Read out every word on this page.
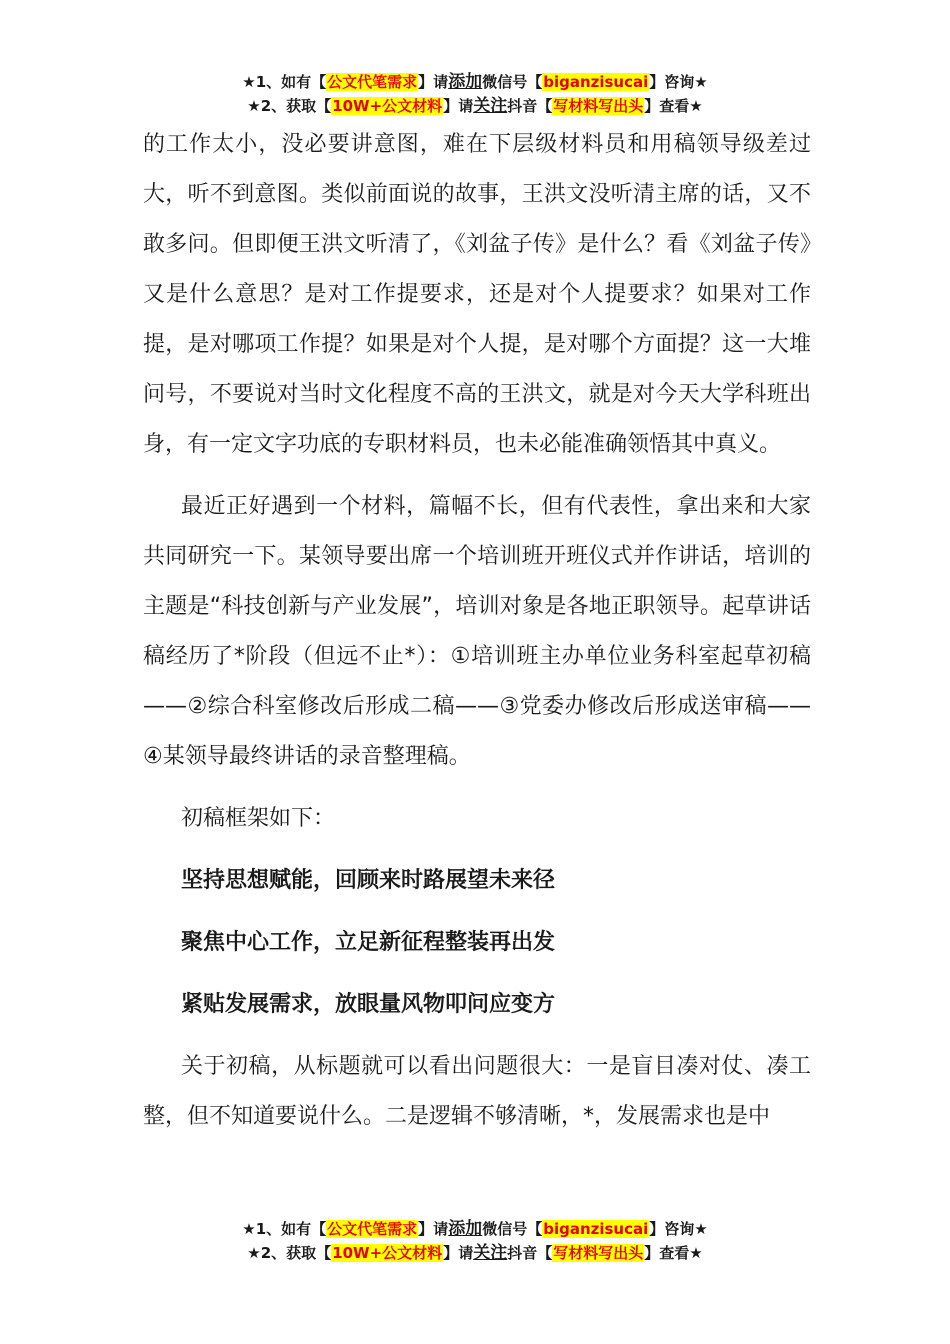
★1、如有【公文代笔需求】请添加微信号【biganzisucai】咨询★
★2、获取【10W+公文材料】请关注抖音【写材料写出头】查看★

的工作太小，没必要讲意图，难在下层级材料员和用稿领导级差过大，听不到意图。类似前面说的故事，王洪文没听清主席的话，又不敢多问。但即便王洪文听清了，《刘盆子传》是什么？看《刘盆子传》又是什么意思？是对工作提要求，还是对个人提要求？如果对工作提，是对哪项工作提？如果是对个人提，是对哪个方面提？这一大堆问号，不要说对当时文化程度不高的王洪文，就是对今天大学科班出身，有一定文字功底的专职材料员，也未必能准确领悟其中真义。

最近正好遇到一个材料，篇幅不长，但有代表性，拿出来和大家共同研究一下。某领导要出席一个培训班开班仪式并作讲话，培训的主题是“科技创新与产业发展”，培训对象是各地正职领导。起草讲话稿经历了*阶段（但远不止*）：①培训班主办单位业务科室起草初稿——②综合科室修改后形成二稿——③党委办修改后形成送审稿——④某领导最终讲话的录音整理稿。

初稿框架如下：

坚持思想赋能，回顾来时路展望未来径

聚焦中心工作，立足新征程整装再出发

紧贴发展需求，放眼量风物叩问应变方

关于初稿，从标题就可以看出问题很大：一是盲目凑对仗、凑工整，但不知道要说什么。二是逻辑不够清晰，*，发展需求也是中

★1、如有【公文代笔需求】请添加微信号【biganzisucai】咨询★
★2、获取【10W+公文材料】请关注抖音【写材料写出头】查看★
